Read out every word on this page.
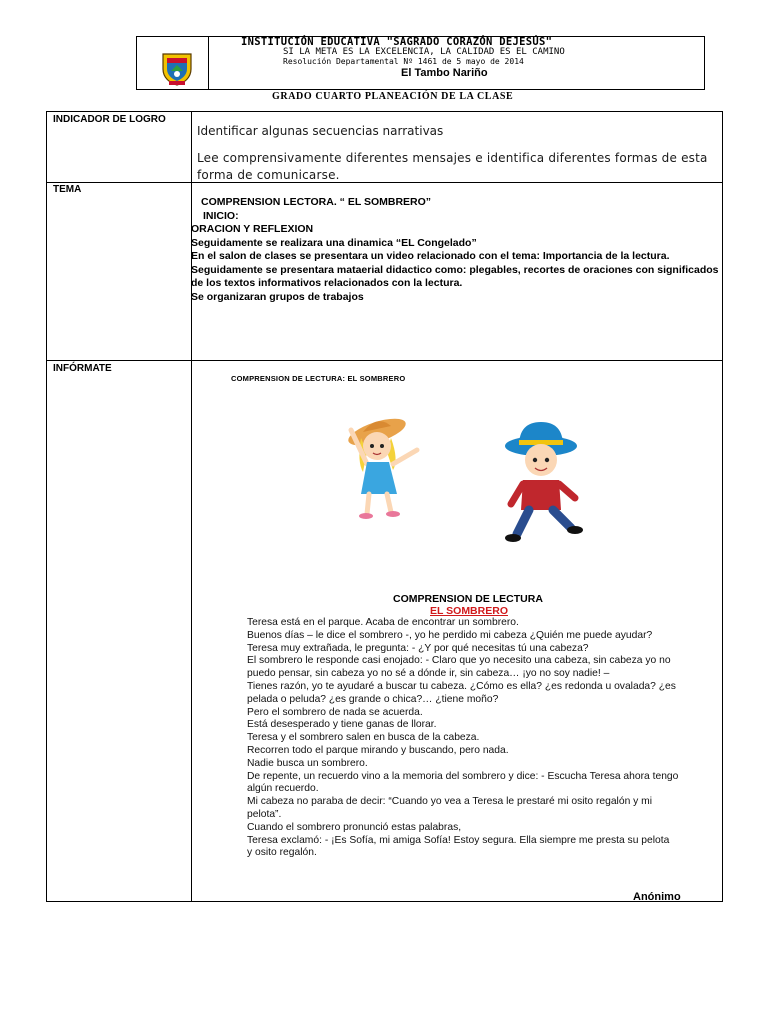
INSTITUCIÓN EDUCATIVA "SAGRADO CORAZÓN DEJESÚS"
SI LA META ES LA EXCELENCIA, LA CALIDAD ES EL CAMINO
Resolución Departamental Nº 1461 de 5 mayo de 2014
El Tambo Nariño
GRADO CUARTO PLANEACIÓN DE LA CLASE
INDICADOR DE LOGRO
Identificar algunas secuencias narrativas
Lee comprensivamente diferentes mensajes e identifica diferentes formas de esta forma de comunicarse.
TEMA

COMPRENSION LECTORA. “ EL SOMBRERO”

INICIO:

ORACION Y REFLEXION

Seguidamente se realizara una dinamica “EL Congelado”

En el salon de clases se presentara un video relacionado con el tema: Importancia de la lectura.

Seguidamente se presentara mataerial didactico como: plegables, recortes de oraciones con significados de los textos informativos relacionados con la lectura.

Se organizaran grupos de trabajos

INFÓRMATE
COMPRENSION DE LECTURA: EL SOMBRERO
COMPRENSION DE LECTURA
EL SOMBRERO
Teresa está en el parque. Acaba de encontrar un sombrero.
Buenos días – le dice el sombrero -, yo he perdido mi cabeza ¿Quién me puede ayudar?
Teresa muy extrañada, le pregunta: - ¿Y por qué necesitas tú una cabeza?
El sombrero le responde casi enojado: - Claro que yo necesito una cabeza, sin cabeza yo no
puedo pensar, sin cabeza yo no sé a dónde ir, sin cabeza… ¡yo no soy nadie! –
Tienes razón, yo te ayudaré a buscar tu cabeza. ¿Cómo es ella? ¿es redonda u ovalada? ¿es
pelada o peluda? ¿es grande o chica?… ¿tiene moño?
Pero el sombrero de nada se acuerda.
Está desesperado y tiene ganas de llorar.
Teresa y el sombrero salen en busca de la cabeza.
Recorren todo el parque mirando y buscando, pero nada.
Nadie busca un sombrero.
De repente, un recuerdo vino a la memoria del sombrero y dice: - Escucha Teresa ahora tengo
algún recuerdo.
Mi cabeza no paraba de decir: “Cuando yo vea a Teresa le prestaré mi osito regalón y mi
pelota”.
Cuando el sombrero pronunció estas palabras,
Teresa exclamó: - ¡Es Sofía, mi amiga Sofía! Estoy segura. Ella siempre me presta su pelota
y osito regalón.
Anónimo
